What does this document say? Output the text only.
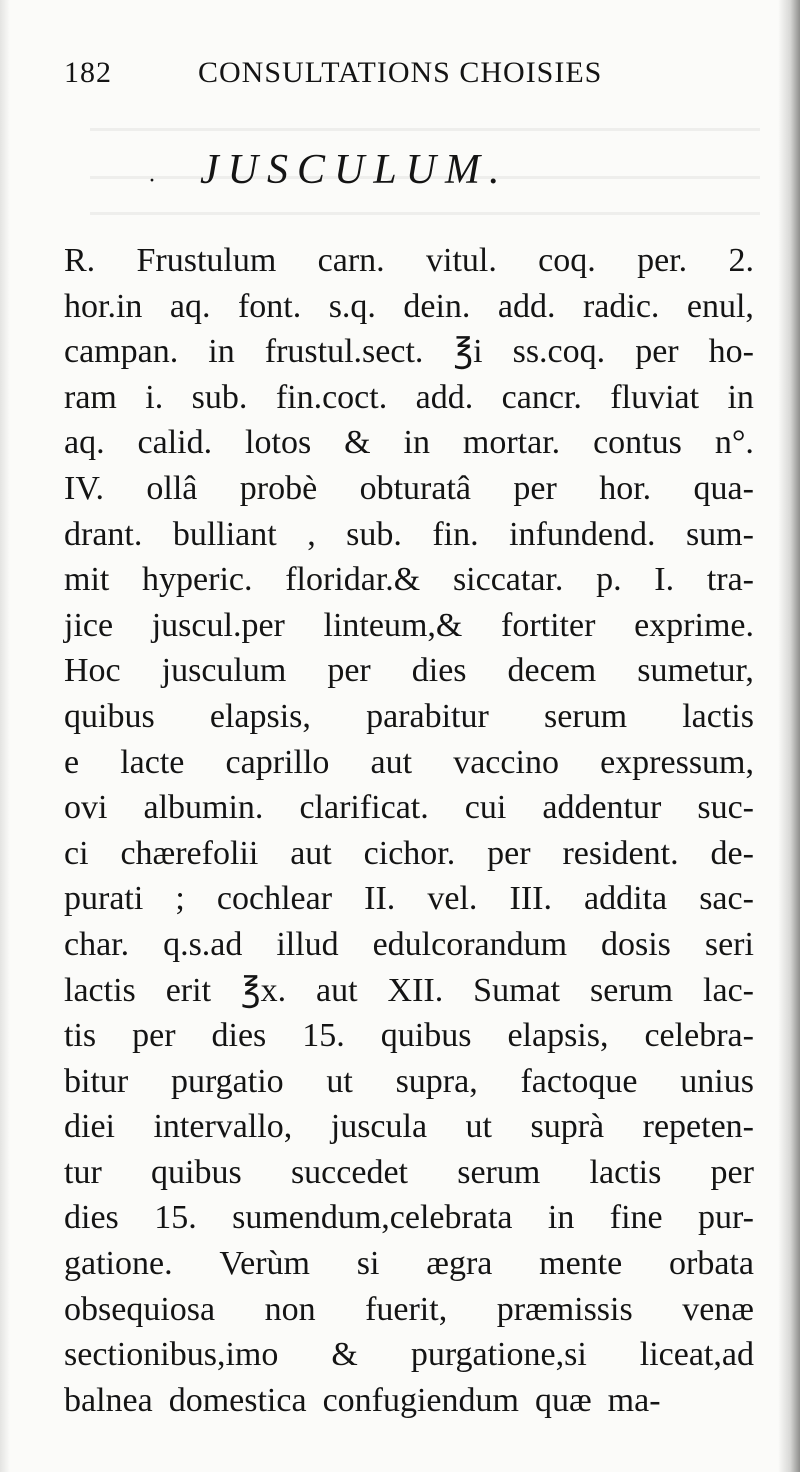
182	CONSULTATIONS CHOISIES
· JUSCULUM.
R. Frustulum carn. vitul. coq. per. 2.
hor.in aq. font. s.q. dein. add. radic. enul,
campan. in frustul.sect. ℥i ss.coq. per ho-
ram i. sub. fin.coct. add. cancr. fluviat in
aq. calid. lotos & in mortar. contus n°.
IV. ollâ probè obturatâ per hor. qua-
drant. bulliant , sub. fin. infundend. sum-
mit hyperic. floridar.& siccatar. p. I. tra-
jice juscul.per linteum,& fortiter exprime.
Hoc jusculum per dies decem sumetur,
quibus elapsis, parabitur serum lactis
e lacte caprillo aut vaccino expressum,
ovi albumin. clarificat. cui addentur suc-
ci chærefolii aut cichor. per resident. de-
purati ; cochlear II. vel. III. addita sac-
char. q.s.ad illud edulcorandum dosis seri
lactis erit ℥x. aut XII. Sumat serum lac-
tis per dies 15. quibus elapsis, celebra-
bitur purgatio ut supra, factoque unius
diei intervallo, juscula ut suprà repeten-
tur quibus succedet serum lactis per
dies 15. sumendum,celebrata in fine pur-
gatione. Verùm si ægra mente orbata
obsequiosa non fuerit, præmissis venæ
sectionibus,imo & purgatione,si liceat,ad
balnea domestica confugiendum quæ ma-
